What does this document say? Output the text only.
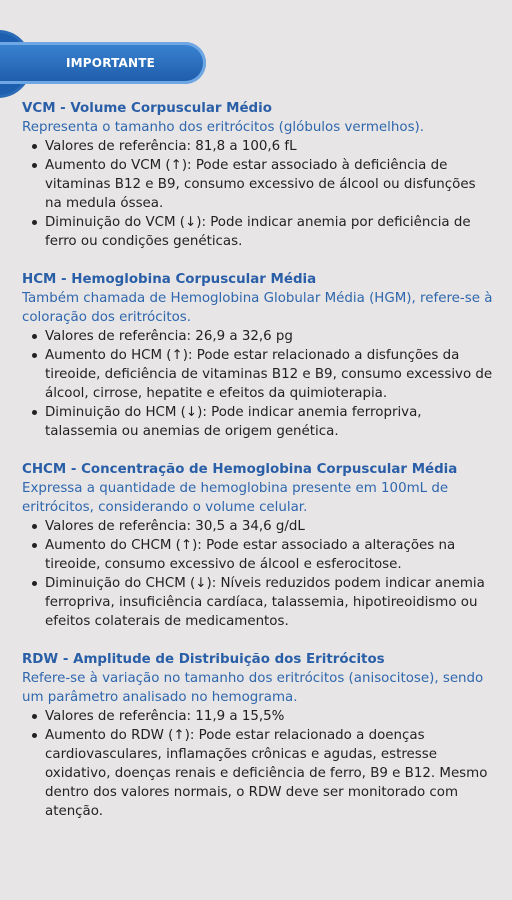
IMPORTANTE
VCM - Volume Corpuscular Médio
Representa o tamanho dos eritrócitos (glóbulos vermelhos).
Valores de referência: 81,8 a 100,6 fL
Aumento do VCM (↑): Pode estar associado à deficiência de vitaminas B12 e B9, consumo excessivo de álcool ou disfunções na medula óssea.
Diminuição do VCM (↓): Pode indicar anemia por deficiência de ferro ou condições genéticas.
HCM - Hemoglobina Corpuscular Média
Também chamada de Hemoglobina Globular Média (HGM), refere-se à coloração dos eritrócitos.
Valores de referência: 26,9 a 32,6 pg
Aumento do HCM (↑): Pode estar relacionado a disfunções da tireoide, deficiência de vitaminas B12 e B9, consumo excessivo de álcool, cirrose, hepatite e efeitos da quimioterapia.
Diminuição do HCM (↓): Pode indicar anemia ferropriva, talassemia ou anemias de origem genética.
CHCM - Concentração de Hemoglobina Corpuscular Média
Expressa a quantidade de hemoglobina presente em 100mL de eritrócitos, considerando o volume celular.
Valores de referência: 30,5 a 34,6 g/dL
Aumento do CHCM (↑): Pode estar associado a alterações na tireoide, consumo excessivo de álcool e esferocitose.
Diminuição do CHCM (↓): Níveis reduzidos podem indicar anemia ferropriva, insuficiência cardíaca, talassemia, hipotireoidismo ou efeitos colaterais de medicamentos.
RDW - Amplitude de Distribuição dos Eritrócitos
Refere-se à variação no tamanho dos eritrócitos (anisocitose), sendo um parâmetro analisado no hemograma.
Valores de referência: 11,9 a 15,5%
Aumento do RDW (↑): Pode estar relacionado a doenças cardiovasculares, inflamações crônicas e agudas, estresse oxidativo, doenças renais e deficiência de ferro, B9 e B12. Mesmo dentro dos valores normais, o RDW deve ser monitorado com atenção.
